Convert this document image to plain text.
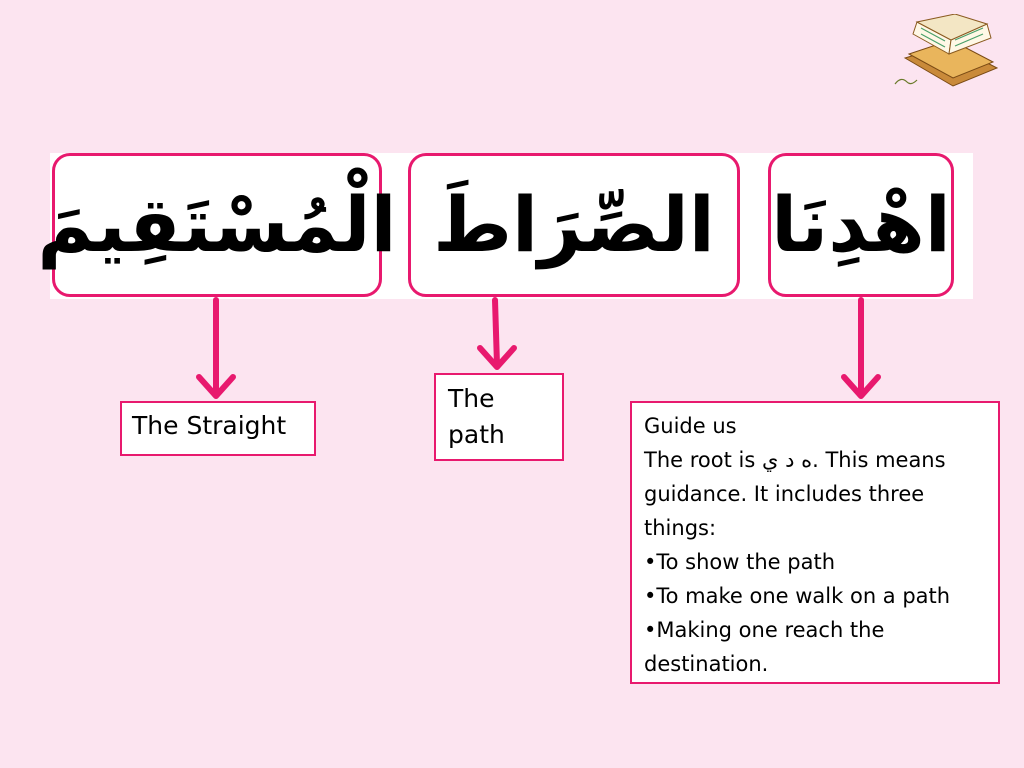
الْمُسْتَقِيمَ الصِّرَاطَ اهْدِنَا
The Straight
The
path	Guide us
The root is ه د ي. This means
guidance. It includes three
things:
•To show the path
•To make one walk on a path
•Making one reach the
destination.
